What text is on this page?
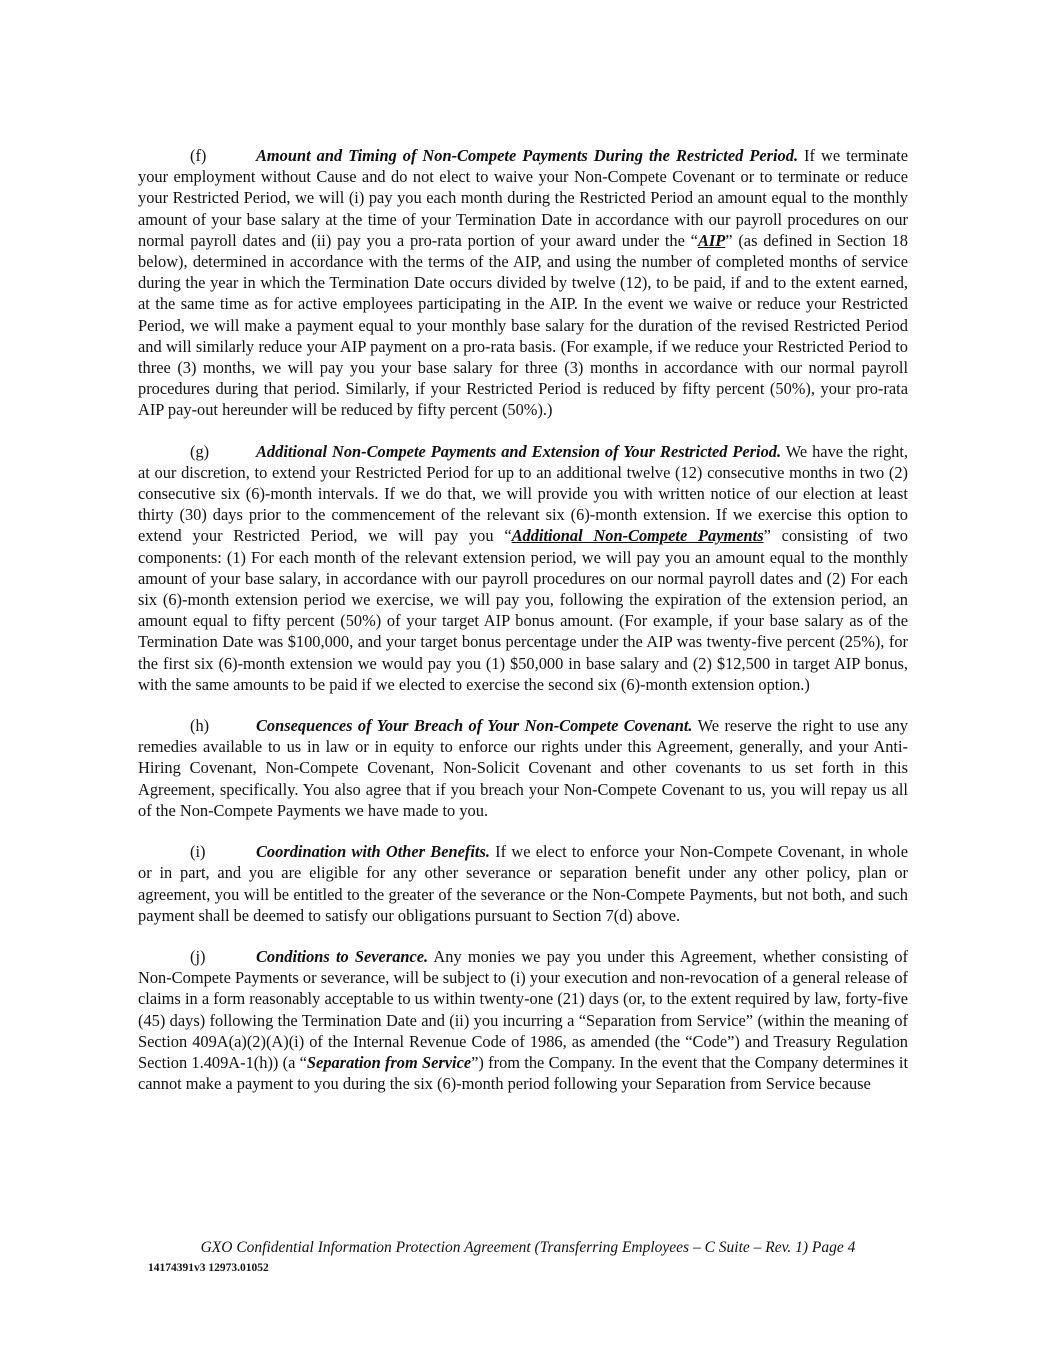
(f)	Amount and Timing of Non-Compete Payments During the Restricted Period. If we terminate your employment without Cause and do not elect to waive your Non-Compete Covenant or to terminate or reduce your Restricted Period, we will (i) pay you each month during the Restricted Period an amount equal to the monthly amount of your base salary at the time of your Termination Date in accordance with our payroll procedures on our normal payroll dates and (ii) pay you a pro-rata portion of your award under the “AIP” (as defined in Section 18 below), determined in accordance with the terms of the AIP, and using the number of completed months of service during the year in which the Termination Date occurs divided by twelve (12), to be paid, if and to the extent earned, at the same time as for active employees participating in the AIP. In the event we waive or reduce your Restricted Period, we will make a payment equal to your monthly base salary for the duration of the revised Restricted Period and will similarly reduce your AIP payment on a pro-rata basis. (For example, if we reduce your Restricted Period to three (3) months, we will pay you your base salary for three (3) months in accordance with our normal payroll procedures during that period. Similarly, if your Restricted Period is reduced by fifty percent (50%), your pro-rata AIP pay-out hereunder will be reduced by fifty percent (50%).)

(g)	Additional Non-Compete Payments and Extension of Your Restricted Period. We have the right, at our discretion, to extend your Restricted Period for up to an additional twelve (12) consecutive months in two (2) consecutive six (6)-month intervals. If we do that, we will provide you with written notice of our election at least thirty (30) days prior to the commencement of the relevant six (6)-month extension. If we exercise this option to extend your Restricted Period, we will pay you “Additional Non-Compete Payments” consisting of two components: (1) For each month of the relevant extension period, we will pay you an amount equal to the monthly amount of your base salary, in accordance with our payroll procedures on our normal payroll dates and (2) For each six (6)-month extension period we exercise, we will pay you, following the expiration of the extension period, an amount equal to fifty percent (50%) of your target AIP bonus amount. (For example, if your base salary as of the Termination Date was $100,000, and your target bonus percentage under the AIP was twenty-five percent (25%), for the first six (6)-month extension we would pay you (1) $50,000 in base salary and (2) $12,500 in target AIP bonus, with the same amounts to be paid if we elected to exercise the second six (6)-month extension option.)

(h)	Consequences of Your Breach of Your Non-Compete Covenant. We reserve the right to use any remedies available to us in law or in equity to enforce our rights under this Agreement, generally, and your Anti-Hiring Covenant, Non-Compete Covenant, Non-Solicit Covenant and other covenants to us set forth in this Agreement, specifically. You also agree that if you breach your Non-Compete Covenant to us, you will repay us all of the Non-Compete Payments we have made to you.

(i)	Coordination with Other Benefits. If we elect to enforce your Non-Compete Covenant, in whole or in part, and you are eligible for any other severance or separation benefit under any other policy, plan or agreement, you will be entitled to the greater of the severance or the Non-Compete Payments, but not both, and such payment shall be deemed to satisfy our obligations pursuant to Section 7(d) above.

(j)	Conditions to Severance. Any monies we pay you under this Agreement, whether consisting of Non-Compete Payments or severance, will be subject to (i) your execution and non-revocation of a general release of claims in a form reasonably acceptable to us within twenty-one (21) days (or, to the extent required by law, forty-five (45) days) following the Termination Date and (ii) you incurring a “Separation from Service” (within the meaning of Section 409A(a)(2)(A)(i) of the Internal Revenue Code of 1986, as amended (the “Code”) and Treasury Regulation Section 1.409A-1(h)) (a “Separation from Service”) from the Company. In the event that the Company determines it cannot make a payment to you during the six (6)-month period following your Separation from Service because

GXO Confidential Information Protection Agreement (Transferring Employees – C Suite – Rev. 1) Page 4
14174391v3 12973.01052
